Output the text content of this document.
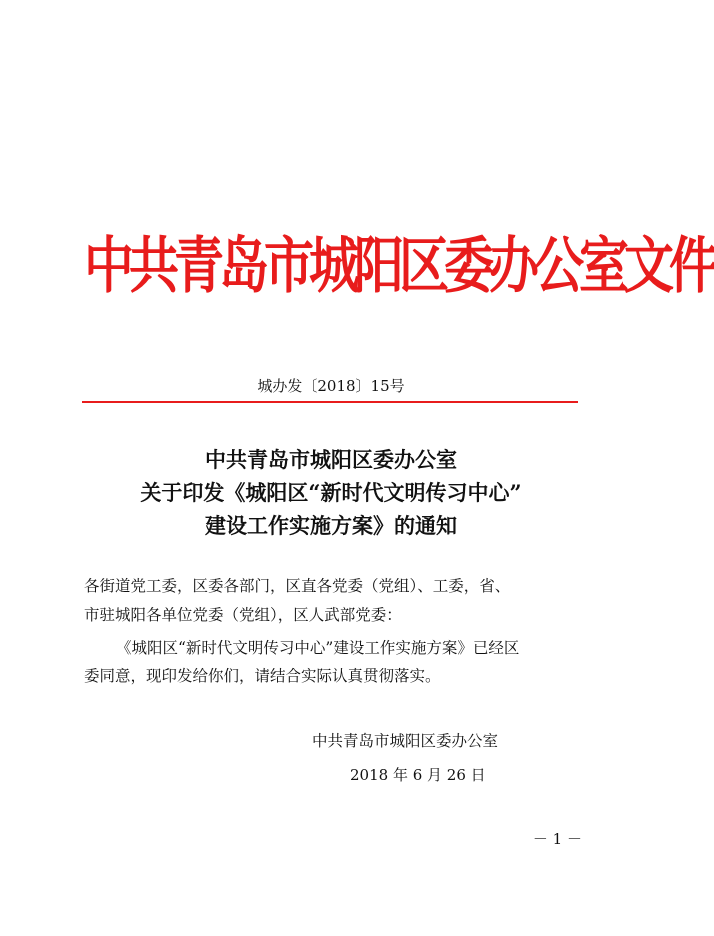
中共青岛市城阳区委办公室文件
城办发〔2018〕15号
中共青岛市城阳区委办公室
关于印发《城阳区“新时代文明传习中心”
建设工作实施方案》的通知
各街道党工委，区委各部门，区直各党委（党组）、工委，省、
市驻城阳各单位党委（党组），区人武部党委：
《城阳区“新时代文明传习中心”建设工作实施方案》已经区
委同意，现印发给你们，请结合实际认真贯彻落实。
中共青岛市城阳区委办公室
2018 年 6 月 26 日
－ 1 －
